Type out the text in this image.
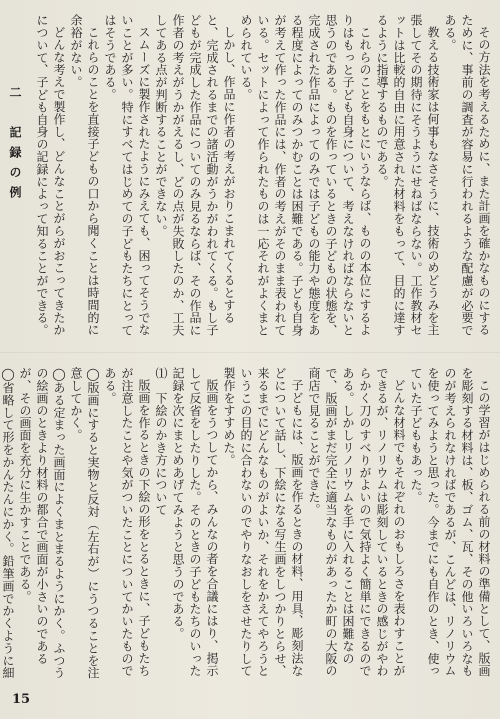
その方法を考えるために、また計画を確かなものにするために、事前の調査が容易に行われるような配慮が必要である。

教える技術家は何事もなさそうに、技術のめどうみを主張してその期待にそうようにせねばならない。工作教材セットは比較的自由に用意された材料をもって、目的に達するように指導するものである。

これらのことをもとにいうならば、ものの本位にするよりはもっと子ども自身について、考えなければならないと思うのである。ものを作っているときの子どもの状態を、完成された作品によってのみでは子どもの能力や態度をある程度によってのみつかむことは困難である。子ども自身が考えて作った作品には、作者の考えがそのまま表われている。セットによって作られたものは一応それがよくまとめられている。

しかし、作品に作者の考えがおりこまれてくるとすると、完成されるまでの諸活動がうかがわれてくる。もし子どもが完成した作品についてのみ見るならば、その作品に作者の考えがうかがえるし、どの点が失敗したのか、工夫してある点が判断することができない。

スムーズに製作されたようにみえても、困ってそうでないことが多い。特にすべてはじめての子どもたちにとってはそうである。

これらのことを直接子どもの口から聞くことは時間的に余裕がない。

どんな考えで製作し、どんなことがらがおこってきたかについて、子ども自身の記録によって知ることができる。

二　記録の例

この学習がはじめられる前の材料の準備として、版画を彫刻する材料は、板、ゴム、瓦、その他いろいろなものが考えられなければであるが、こんどは、リノリウムを使ってみようと思った。今までにも自作のとき、使っていた子どももあった。

どんな材料でもそれぞれのおもしろさを表わすことができるが、リノリウムは彫刻しているときの感じがやわらかく刀のすべりがよいので気持よく簡単にできるのである。しかしリノリウムを手に入れることは困難なので、版画がまだ完全に適当なものがあったか町の大阪の商店で見ることができた。

子どもには、版画を作るときの材料、用具、彫刻法などについて話し、下絵になる写生画をしつかりとらせ、来るまでにどんなものがよいか、それをかえてやろうというこの目的に合わないのでやりなおしをさせたりして製作をすすめた。

版画をうつしてから、みんなの者を合議にはり、掲示して反省をしたりした。そのときの子どもたちのいった記録を次にまとめあげてみようと思うのである。

⑴　下絵のかき方について

版画を作るときの下絵の形をとるときに、子どもたちが注意したことや気がついたことについてかいたものである。

◯版画にすると実物と反対（左右が）にうつることを注意してかく。

◯ある定まった画面によくまとまるようにかく。ふつうの絵画のときより材料の都合で画面が小さいのであるが、その画面を充分に生かすことである。

◯省略して形をかんたんにかく。鉛筆画でかくように細

15
